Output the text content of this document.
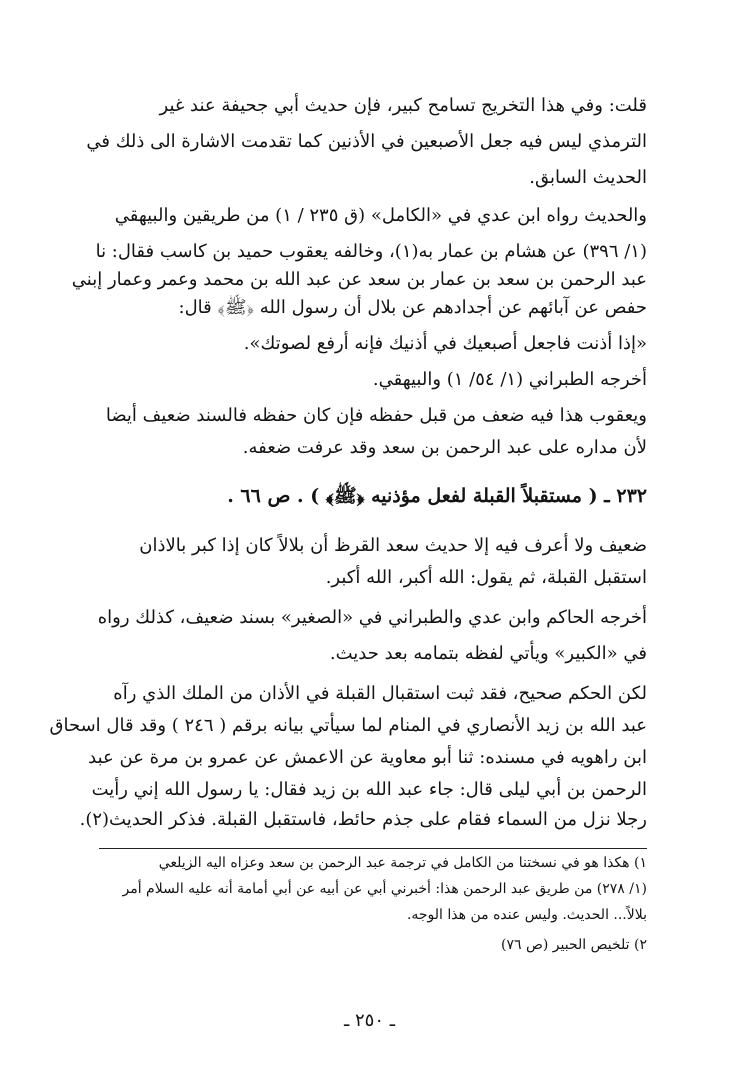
قلت: وفي هذا التخريج تسامح كبير، فإن حديث أبي جحيفة عند غير
الترمذي ليس فيه جعل الأصبعين في الأذنين كما تقدمت الاشارة الى ذلك في
الحديث السابق.
والحديث رواه ابن عدي في «الكامل» (ق ٢٣٥ / ١) من طريقين والبيهقي
(١/ ٣٩٦) عن هشام بن عمار به(١)، وخالفه يعقوب حميد بن كاسب فقال: نا
عبد الرحمن بن سعد بن عمار بن سعد عن عبد الله بن محمد وعمر وعمار إبني
حفص عن آبائهم عن أجدادهم عن بلال أن رسول الله ﴿ﷺ﴾ قال:
«إذا أذنت فاجعل أصبعيك في أذنيك فإنه أرفع لصوتك».
أخرجه الطبراني (١/ ٥٤/ ١) والبيهقي.
ويعقوب هذا فيه ضعف من قبل حفظه فإن كان حفظه فالسند ضعيف أيضا
لأن مداره على عبد الرحمن بن سعد وقد عرفت ضعفه.
٢٣٢ ـ ( مستقبلاً القبلة لفعل مؤذنيه ﴿ﷺ﴾ ) . ص ٦٦ .
ضعيف ولا أعرف فيه إلا حديث سعد القرظ أن بلالاً كان إذا كبر بالاذان
استقبل القبلة، ثم يقول: الله أكبر، الله أكبر.
أخرجه الحاكم وابن عدي والطبراني في «الصغير» بسند ضعيف، كذلك رواه
في «الكبير» ويأتي لفظه بتمامه بعد حديث.
لكن الحكم صحيح، فقد ثبت استقبال القبلة في الأذان من الملك الذي رآه
عبد الله بن زيد الأنصاري في المنام لما سيأتي بيانه برقم ( ٢٤٦ ) وقد قال اسحاق
ابن راهويه في مسنده: ثنا أبو معاوية عن الاعمش عن عمرو بن مرة عن عبد
الرحمن بن أبي ليلى قال: جاء عبد الله بن زيد فقال: يا رسول الله إني رأيت
رجلا نزل من السماء فقام على جذم حائط، فاستقبل القبلة. فذكر الحديث(٢).
١) هكذا هو في نسختنا من الكامل في ترجمة عبد الرحمن بن سعد وعزاه اليه الزيلعي
(١/ ٢٧٨) من طريق عبد الرحمن هذا: أخبرني أبي عن أبيه عن أبي أمامة أنه عليه السلام أمر
بلالاً... الحديث. وليس عنده من هذا الوجه.
٢) تلخيص الحبير (ص ٧٦)
ـ ٢٥٠ ـ
